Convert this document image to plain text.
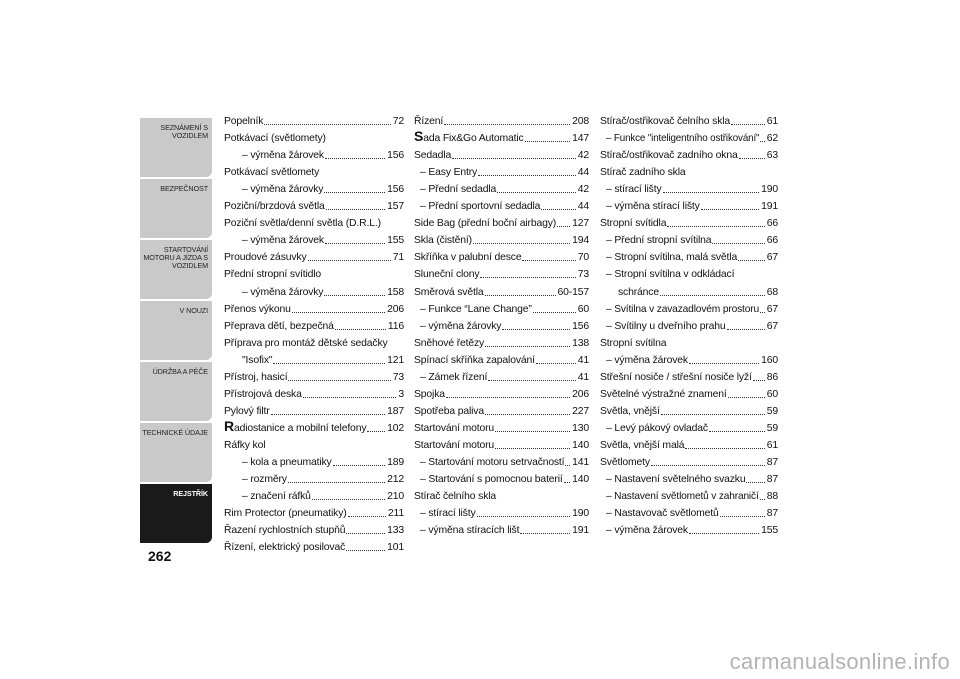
SEZNÁMENÍ S
VOZIDLEM
BEZPEČNOST
STARTOVÁNÍ
MOTORU A JÍZDA S
VOZIDLEM
V NOUZI
ÚDRŽBA A PÉČE
TECHNICKÉ ÚDAJE
REJSTŘÍK
262
Popelník	72
Potkávací (světlomety)
– výměna žárovek	156
Potkávací světlomety
– výměna žárovky	156
Poziční/brzdová světla	157
Poziční světla/denní světla (D.R.L.)
– výměna žárovek	155
Proudové zásuvky	71
Přední stropní svítidlo
– výměna žárovky	158
Přenos výkonu	206
Přeprava dětí, bezpečná	116
Příprava pro montáž dětské sedačky
"Isofix"	121
Přístroj, hasicí	73
Přístrojová deska	3
Pylový filtr	187
Radiostanice a mobilní telefony 102
Ráfky kol
– kola a pneumatiky	189
– rozměry	212
– značení ráfků	210
Rim Protector (pneumatiky)	211
Řazení rychlostních stupňů	133
Řízení, elektrický posilovač	101
Řízení	208
Sada Fix&Go Automatic	147
Sedadla	42
– Easy Entry	44
– Přední sedadla	42
– Přední sportovní sedadla	44
Side Bag (přední boční airbagy) 127
Skla (čistění)	194
Skříňka v palubní desce	70
Sluneční clony	73
Směrová světla	60-157
– Funkce “Lane Change”	60
– výměna žárovky	156
Sněhové řetězy	138
Spínací skříňka zapalování	41
– Zámek řízení	41
Spojka	206
Spotřeba paliva	227
Startování motoru	130
Startování motoru	140
– Startování motoru setrvačností 141
– Startování s pomocnou baterií 140
Stírač čelního skla
– stírací lišty	190
– výměna stíracích lišt	191
Stírač/ostřikovač čelního skla	61
– Funkce "inteligentního ostřikování" 62
Stírač/ostřikovač zadního okna	63
Stírač zadního skla
– stírací lišty	190
– výměna stírací lišty	191
Stropní svítidla	66
– Přední stropní svítilna	66
– Stropní svítilna, malá světla	67
– Stropní svítilna v odkládací
schránce	68
– Svítilna v zavazadlovém prostoru 67
– Svítilny u dveřního prahu	67
Stropní svítilna
– výměna žárovek	160
Střešní nosiče / střešní nosiče lyží 86
Světelné výstražné znamení	60
Světla, vnější	59
– Levý pákový ovladač	59
Světla, vnější malá	61
Světlomety	87
– Nastavení světelného svazku 87
– Nastavení světlometů v zahraničí 88
– Nastavovač světlometů	87
– výměna žárovek	155
carmanualsonline.info
